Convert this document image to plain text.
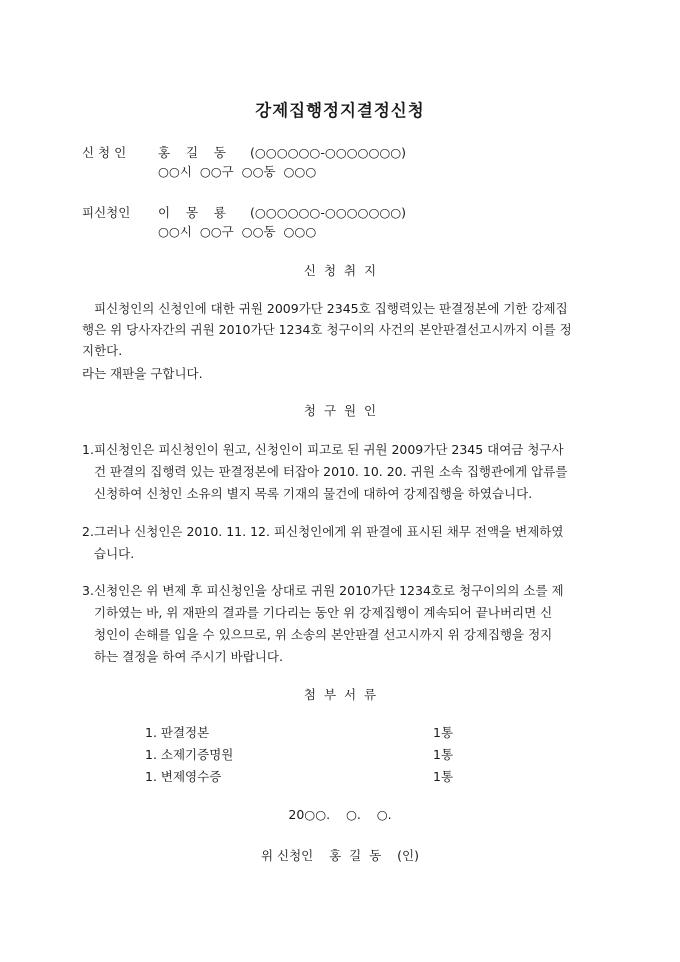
강제집행정지결정신청
신 청 인	홍    길    동 (○○○○○○-○○○○○○○)
○○시  ○○구  ○○동  ○○○
피신청인 이    몽    룡 (○○○○○○-○○○○○○○)
○○시  ○○구  ○○동  ○○○
신  청  취  지
피신청인의 신청인에 대한 귀원 2009가단 2345호 집행력있는 판결정본에 기한 강제집
행은 위 당사자간의 귀원 2010가단 1234호 청구이의 사건의 본안판결선고시까지 이를 정
지한다.
라는 재판을 구합니다.
청  구  원  인
1. 피신청인은 피신청인이 원고, 신청인이 피고로 된 귀원 2009가단 2345 대여금 청구사
건 판결의 집행력 있는 판결정본에 터잡아 2010. 10. 20. 귀원 소속 집행관에게 압류를
신청하여 신청인 소유의 별지 목록 기재의 물건에 대하여 강제집행을 하였습니다.
2. 그러나 신청인은 2010. 11. 12. 피신청인에게 위 판결에 표시된 채무 전액을 변제하였
습니다.
3. 신청인은 위 변제 후 피신청인을 상대로 귀원 2010가단 1234호로 청구이의의 소를 제
기하였는 바, 위 재판의 결과를 기다리는 동안 위 강제집행이 계속되어 끝나버리면 신
청인이 손해를 입을 수 있으므로, 위 소송의 본안판결 선고시까지 위 강제집행을 정지
하는 결정을 하여 주시기 바랍니다.
첨  부  서  류
1. 판결정본	1통
1. 소제기증명원	1통
1. 변제영수증	1통
20○○.    ○.    ○.
위 신청인    홍  길  동    (인)
